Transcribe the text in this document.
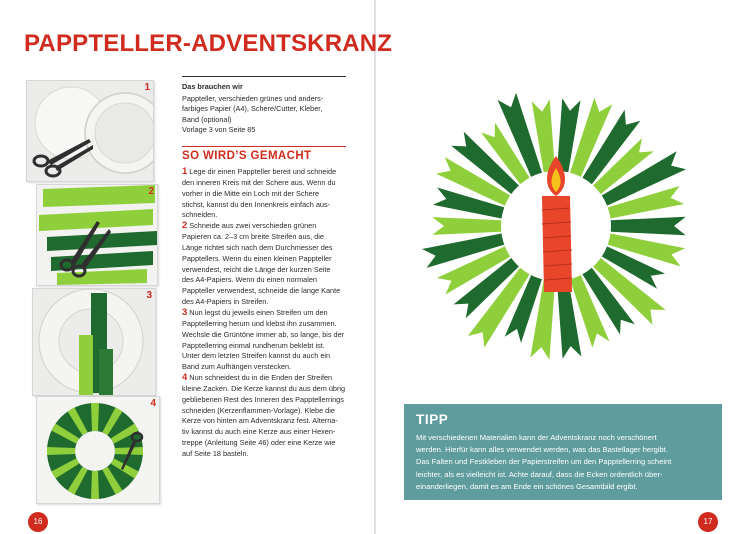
PAPPTELLER-ADVENTSKRANZ
Das brauchen wir
Pappteller, verschieden grünes und anders-
farbiges Papier (A4), Schere/Cutter, Kleber,
Band (optional)
Vorlage 3 von Seite 85
SO WIRD’S GEMACHT
1 Lege dir einen Pappteller bereit und schneide
den inneren Kreis mit der Schere aus. Wenn du
vorher in die Mitte ein Loch mit der Schere
stichst, kannst du den Innenkreis einfach aus-
schneiden.
2 Schneide aus zwei verschieden grünen
Papieren ca. 2–3 cm breite Streifen aus, die
Länge richtet sich nach dem Durchmesser des
Papptellers. Wenn du einen kleinen Pappteller
verwendest, reicht die Länge der kurzen Seite
des A4-Papiers. Wenn du einen normalen
Pappteller verwendest, schneide die lange Kante
des A4-Papiers in Streifen.
3 Nun legst du jeweils einen Streifen um den
Papptellerring herum und klebst ihn zusammen.
Wechsle die Grüntöne immer ab, so lange, bis der
Papptellerring einmal rundherum beklebt ist.
Unter dem letzten Streifen kannst du auch ein
Band zum Aufhängen verstecken.
4 Nun schneidest du in die Enden der Streifen
kleine Zacken. Die Kerze kannst du aus dem übrig
gebliebenen Rest des Inneren des Papptellerrings
schneiden (Kerzenflammen-Vorlage). Klebe die
Kerze von hinten am Adventskranz fest. Alterna-
tiv kannst du auch eine Kerze aus einer Hexen-
treppe (Anleitung Seite 46) oder eine Kerze wie
auf Seite 18 basteln.
1
2
3
4
16
TIPP
Mit verschiedenen Materialien kann der Adventskranz noch verschönert
werden. Hierfür kann alles verwendet werden, was das Bastellager hergibt.
Das Falten und Festkleben der Papierstreifen um den Papptellerring scheint
leichter, als es vielleicht ist. Achte darauf, dass die Ecken ordentlich über-
einanderliegen, damit es am Ende ein schönes Gesamtbild ergibt.
17
